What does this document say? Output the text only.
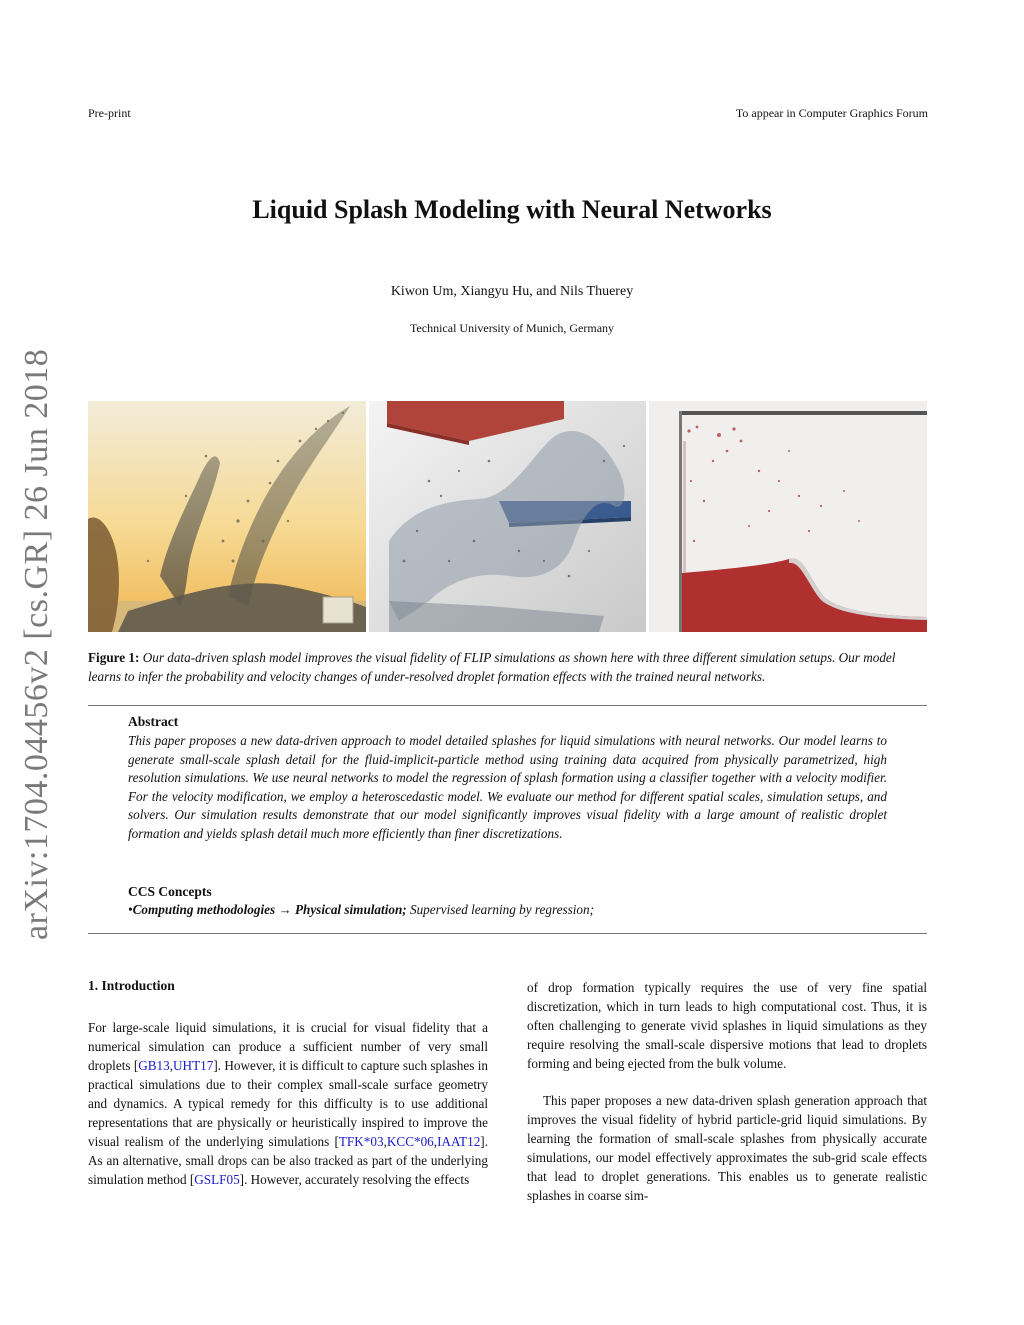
Pre-print	To appear in Computer Graphics Forum
arXiv:1704.04456v2 [cs.GR] 26 Jun 2018
Liquid Splash Modeling with Neural Networks
Kiwon Um, Xiangyu Hu, and Nils Thuerey
Technical University of Munich, Germany
Figure 1: Our data-driven splash model improves the visual fidelity of FLIP simulations as shown here with three different simulation setups. Our model learns to infer the probability and velocity changes of under-resolved droplet formation effects with the trained neural networks.
Abstract
This paper proposes a new data-driven approach to model detailed splashes for liquid simulations with neural networks. Our model learns to generate small-scale splash detail for the fluid-implicit-particle method using training data acquired from physically parametrized, high resolution simulations. We use neural networks to model the regression of splash formation using a classifier together with a velocity modifier. For the velocity modification, we employ a heteroscedastic model. We evaluate our method for different spatial scales, simulation setups, and solvers. Our simulation results demonstrate that our model significantly improves visual fidelity with a large amount of realistic droplet formation and yields splash detail much more efficiently than finer discretizations.
CCS Concepts
•Computing methodologies → Physical simulation; Supervised learning by regression;
1. Introduction

For large-scale liquid simulations, it is crucial for visual fidelity that a numerical simulation can produce a sufficient number of very small droplets [GB13,UHT17]. However, it is difficult to capture such splashes in practical simulations due to their complex small-scale surface geometry and dynamics. A typical remedy for this difficulty is to use additional representations that are physically or heuristically inspired to improve the visual realism of the underlying simulations [TFK*03,KCC*06,IAAT12]. As an alternative, small drops can be also tracked as part of the underlying simulation method [GSLF05]. However, accurately resolving the effects

of drop formation typically requires the use of very fine spatial discretization, which in turn leads to high computational cost. Thus, it is often challenging to generate vivid splashes in liquid simulations as they require resolving the small-scale dispersive motions that lead to droplets forming and being ejected from the bulk volume.

This paper proposes a new data-driven splash generation approach that improves the visual fidelity of hybrid particle-grid liquid simulations. By learning the formation of small-scale splashes from physically accurate simulations, our model effectively approximates the sub-grid scale effects that lead to droplet generations. This enables us to generate realistic splashes in coarse sim-
